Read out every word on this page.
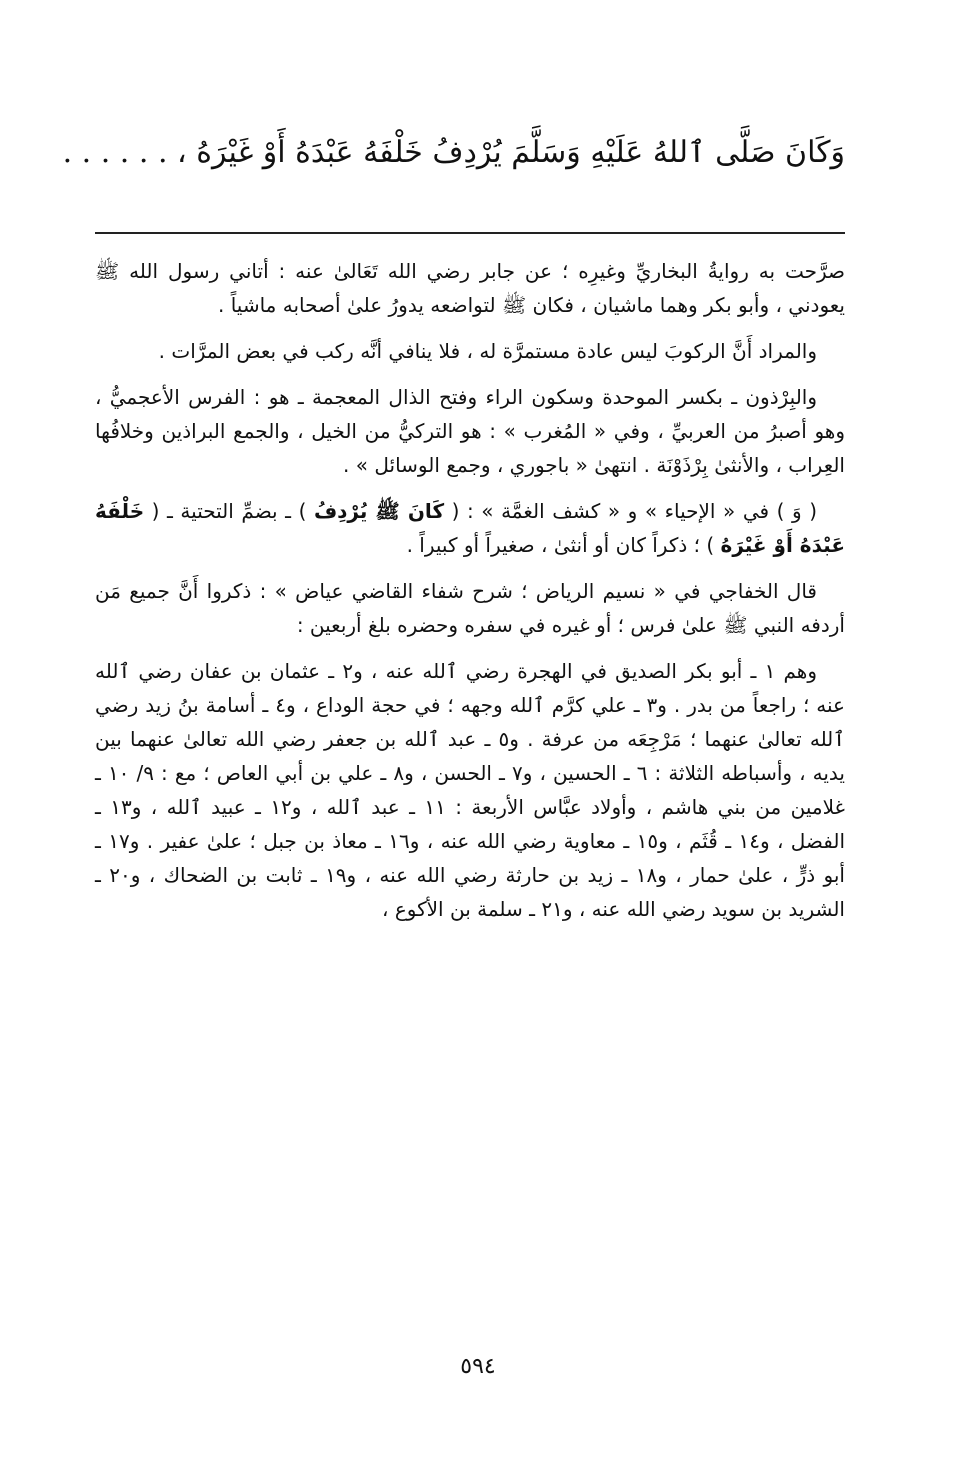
وَكَانَ صَلَّى ٱللهُ عَلَيْهِ وَسَلَّمَ يُرْدِفُ خَلْفَهُ عَبْدَهُ أَوْ غَيْرَهُ ، . . . . . .

صرَّحت به روايةُ البخاريِّ وغيرِه ؛ عن جابر رضي الله تَعَالىٰ عنه : أتاني رسول الله ﷺ يعودني ، وأبو بكر وهما ماشيان ، فكان ﷺ لتواضعه يدورُ علىٰ أصحابه ماشياً .

والمراد أَنَّ الركوبَ ليس عادة مستمرَّة له ، فلا ينافي أنَّه ركب في بعض المرَّات .

والبِرْذون ـ بكسر الموحدة وسكون الراء وفتح الذال المعجمة ـ هو : الفرس الأعجميُّ ، وهو أصبرُ من العربيِّ ، وفي « المُغرب » : هو التركيُّ من الخيل ، والجمع البراذين وخلافُها العِراب ، والأنثىٰ بِرْذَوْنَة . انتهىٰ « باجوري ، وجمع الوسائل » .

( وَ ) في « الإحياء » و « كشف الغمَّة » : ( كَانَ ﷺ يُرْدِفُ ) ـ بضمِّ التحتية ـ ( خَلْفَهُ عَبْدَهُ أَوْ غَيْرَهُ ) ؛ ذكراً كان أو أنثىٰ ، صغيراً أو كبيراً .

قال الخفاجي في « نسيم الرياض ؛ شرح شفاء القاضي عياض » : ذكروا أَنَّ جميع مَن أردفه النبي ﷺ علىٰ فرس ؛ أو غيره في سفره وحضره بلغ أربعين :

وهم ١ ـ أبو بكر الصديق في الهجرة رضي ٱلله عنه ، و٢ ـ عثمان بن عفان رضي ٱلله عنه ؛ راجعاً من بدر . و٣ ـ علي كرَّم ٱلله وجهه ؛ في حجة الوداع ، و٤ ـ أسامة بنُ زيد رضي ٱلله تعالىٰ عنهما ؛ مَرْجِعَه من عرفة . و٥ ـ عبد ٱلله بن جعفر رضي الله تعالىٰ عنهما بين يديه ، وأسباطه الثلاثة : ٦ ـ الحسين ، و٧ ـ الحسن ، و٨ ـ علي بن أبي العاص ؛ مع : ٩/ ١٠ ـ غلامين من بني هاشم ، وأولاد عبَّاس الأربعة : ١١ ـ عبد ٱلله ، و١٢ ـ عبيد ٱلله ، و١٣ ـ الفضل ، و١٤ ـ قُثَم ، و١٥ ـ معاوية رضي الله عنه ، و١٦ ـ معاذ بن جبل ؛ علىٰ عفير . و١٧ ـ أبو ذرٍّ ، علىٰ حمار ، و١٨ ـ زيد بن حارثة رضي الله عنه ، و١٩ ـ ثابت بن الضحاك ، و٢٠ ـ الشريد بن سويد رضي الله عنه ، و٢١ ـ سلمة بن الأكوع ،

٥٩٤
